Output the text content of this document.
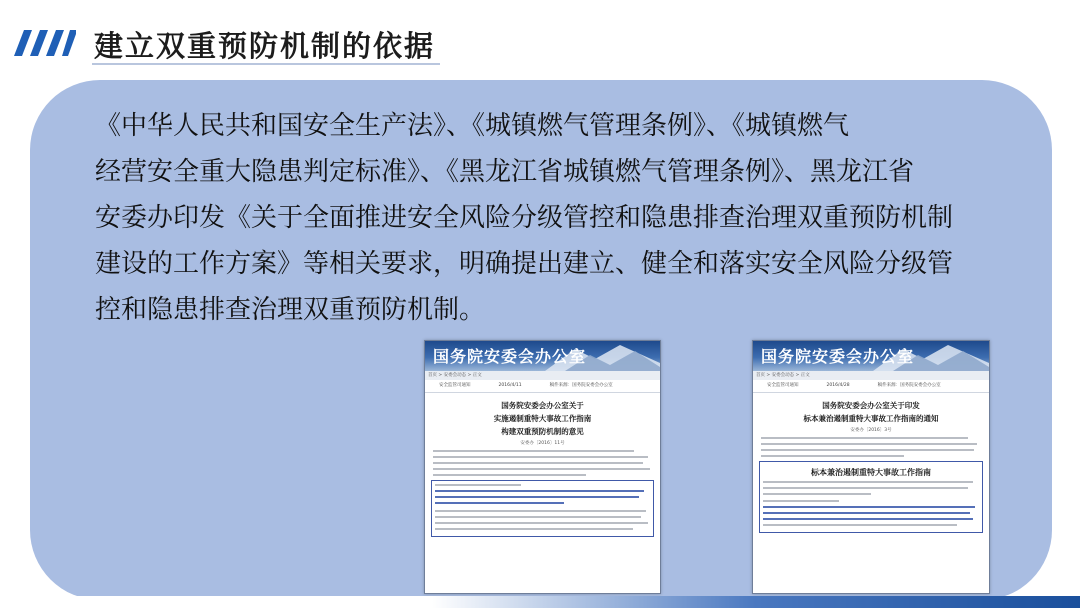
建立双重预防机制的依据

《中华人民共和国安全生产法》、《城镇燃气管理条例》、《城镇燃气

经营安全重大隐患判定标准》、《黑龙江省城镇燃气管理条例》、黑龙江省

安委办印发《关于全面推进安全风险分级管控和隐患排查治理双重预防机制

建设的工作方案》等相关要求，明确提出建立、健全和落实安全风险分级管

控和隐患排查治理双重预防机制。

国务院安委会办公室
首页 > 安委会动态 > 正文
安全监管司通知	2016/4/11	稿件来源：国务院安委会办公室
国务院安委会办公室关于
实施遏制重特大事故工作指南
构建双重预防机制的意见
安委办〔2016〕11号
国务院安委会办公室
首页 > 安委会动态 > 正文
安全监管司通知	2016/4/28	稿件来源：国务院安委会办公室
国务院安委会办公室关于印发
标本兼治遏制重特大事故工作指南的通知
安委办〔2016〕3号
标本兼治遏制重特大事故工作指南
